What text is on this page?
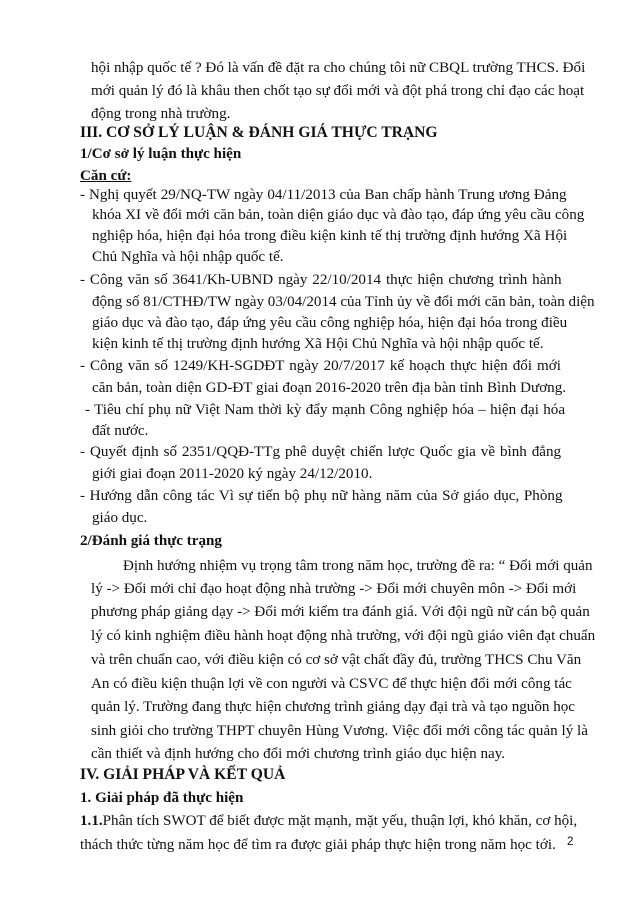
2
hội nhập quốc tế ? Đó là vấn đề đặt ra cho chúng tôi nữ CBQL trường THCS. Đổi
mới quản lý đó là khâu then chốt tạo sự đổi mới và đột phá trong chỉ đạo các hoạt
động trong nhà trường.
III. CƠ SỞ LÝ LUẬN & ĐÁNH GIÁ THỰC TRẠNG
1/Cơ sở lý luận thực hiện
Căn cứ:
- Nghị quyết 29/NQ-TW ngày 04/11/2013 của Ban chấp hành Trung ương Đảng
khóa XI về đổi mới căn bản, toàn diện giáo dục và đào tạo, đáp ứng yêu cầu công
nghiệp hóa, hiện đại hóa trong điều kiện kinh tế thị trường định hướng Xã Hội
Chủ Nghĩa và hội nhập quốc tế.
- Công văn số 3641/Kh-UBND ngày 22/10/2014 thực hiện chương trình hành
động số 81/CTHĐ/TW ngày 03/04/2014 của Tỉnh ủy về đổi mới căn bản, toàn diện
giáo dục và đào tạo, đáp ứng yêu cầu công nghiệp hóa, hiện đại hóa trong điều
kiện kinh tế thị trường định hướng Xã Hội Chủ Nghĩa và hội nhập quốc tế.
- Công văn số 1249/KH-SGDĐT ngày 20/7/2017 kế hoạch thực hiện đổi mới
căn bản, toàn diện GD-ĐT giai đoạn 2016-2020 trên địa bàn tỉnh Bình Dương.
- Tiêu chí phụ nữ Việt Nam thời kỳ đẩy mạnh Công nghiệp hóa – hiện đại hóa
đất nước.
- Quyết định số 2351/QQĐ-TTg phê duyệt chiến lược Quốc gia về bình đẳng
giới giai đoạn 2011-2020 ký ngày 24/12/2010.
- Hướng dẫn công tác Vì sự tiến bộ phụ nữ hàng năm của Sở giáo dục, Phòng
giáo dục.
2/Đánh giá thực trạng
Định hướng nhiệm vụ trọng tâm trong năm học, trường đề ra: “ Đổi mới quản
lý -> Đổi mới chỉ đạo hoạt động nhà trường -> Đổi mới chuyên môn -> Đổi mới
phương pháp giảng dạy -> Đổi mới kiểm tra đánh giá. Với đội ngũ nữ cán bộ quản
lý có kinh nghiệm điều hành hoạt động nhà trường, với đội ngũ giáo viên đạt chuẩn
và trên chuẩn cao, với điều kiện có cơ sở vật chất đầy đủ, trường THCS Chu Văn
An có điều kiện thuận lợi về con người và CSVC để thực hiện đổi mới công tác
quản lý. Trường đang thực hiện chương trình giảng dạy đại trà và tạo nguồn học
sinh giỏi cho trường THPT chuyên Hùng Vương. Việc đổi mới công tác quản lý là
cần thiết và định hướng cho đổi mới chương trình giáo dục hiện nay.
IV. GIẢI PHÁP VÀ KẾT QUẢ
1. Giải pháp đã thực hiện
1.1.Phân tích SWOT để biết được mặt mạnh, mặt yếu, thuận lợi, khó khăn, cơ hội,
thách thức từng năm học để tìm ra được giải pháp thực hiện trong năm học tới.
